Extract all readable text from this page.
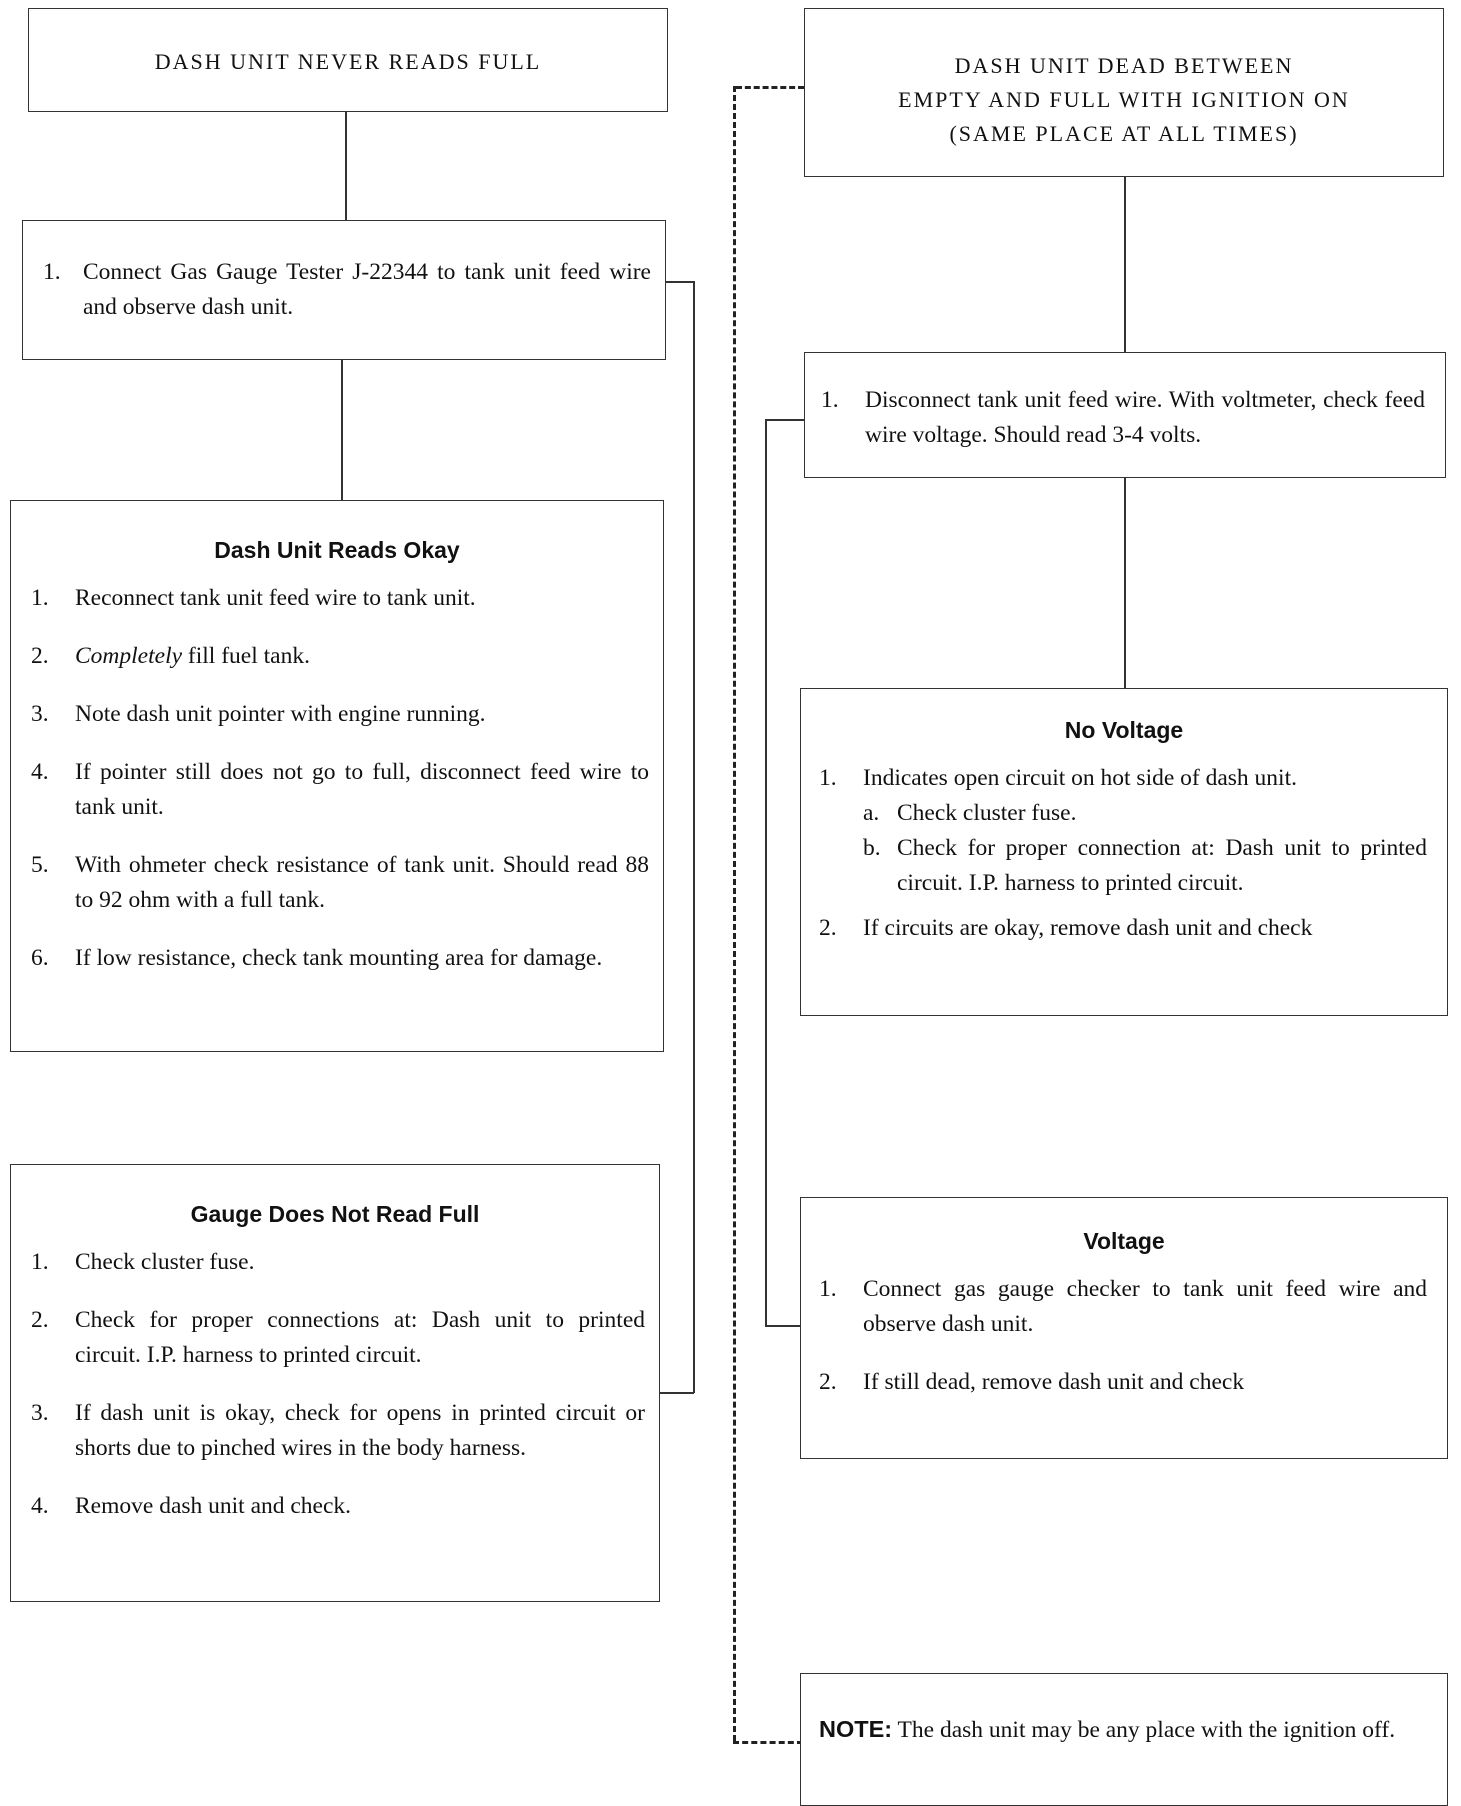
DASH UNIT NEVER READS FULL
1. Connect Gas Gauge Tester J-22344 to tank unit feed wire and observe dash unit.
Dash Unit Reads Okay
1. Reconnect tank unit feed wire to tank unit.
2. Completely fill fuel tank.
3. Note dash unit pointer with engine running.
4. If pointer still does not go to full, disconnect feed wire to tank unit.
5. With ohmeter check resistance of tank unit. Should read 88 to 92 ohm with a full tank.
6. If low resistance, check tank mounting area for damage.
Gauge Does Not Read Full
1. Check cluster fuse.
2. Check for proper connections at: Dash unit to printed circuit. I.P. harness to printed circuit.
3. If dash unit is okay, check for opens in printed circuit or shorts due to pinched wires in the body harness.
4. Remove dash unit and check.
DASH UNIT DEAD BETWEEN
EMPTY AND FULL WITH IGNITION ON
(SAME PLACE AT ALL TIMES)
1.	Disconnect tank unit feed wire. With voltmeter, check feed wire voltage. Should read 3-4 volts.
No Voltage
1. Indicates open circuit on hot side of dash unit.
a. Check cluster fuse.
b. Check for proper connection at: Dash unit to printed circuit. I.P. harness to printed circuit.
2. If circuits are okay, remove dash unit and check
Voltage
1. Connect gas gauge checker to tank unit feed wire and observe dash unit.
2. If still dead, remove dash unit and check
NOTE: The dash unit may be any place with the ignition off.
